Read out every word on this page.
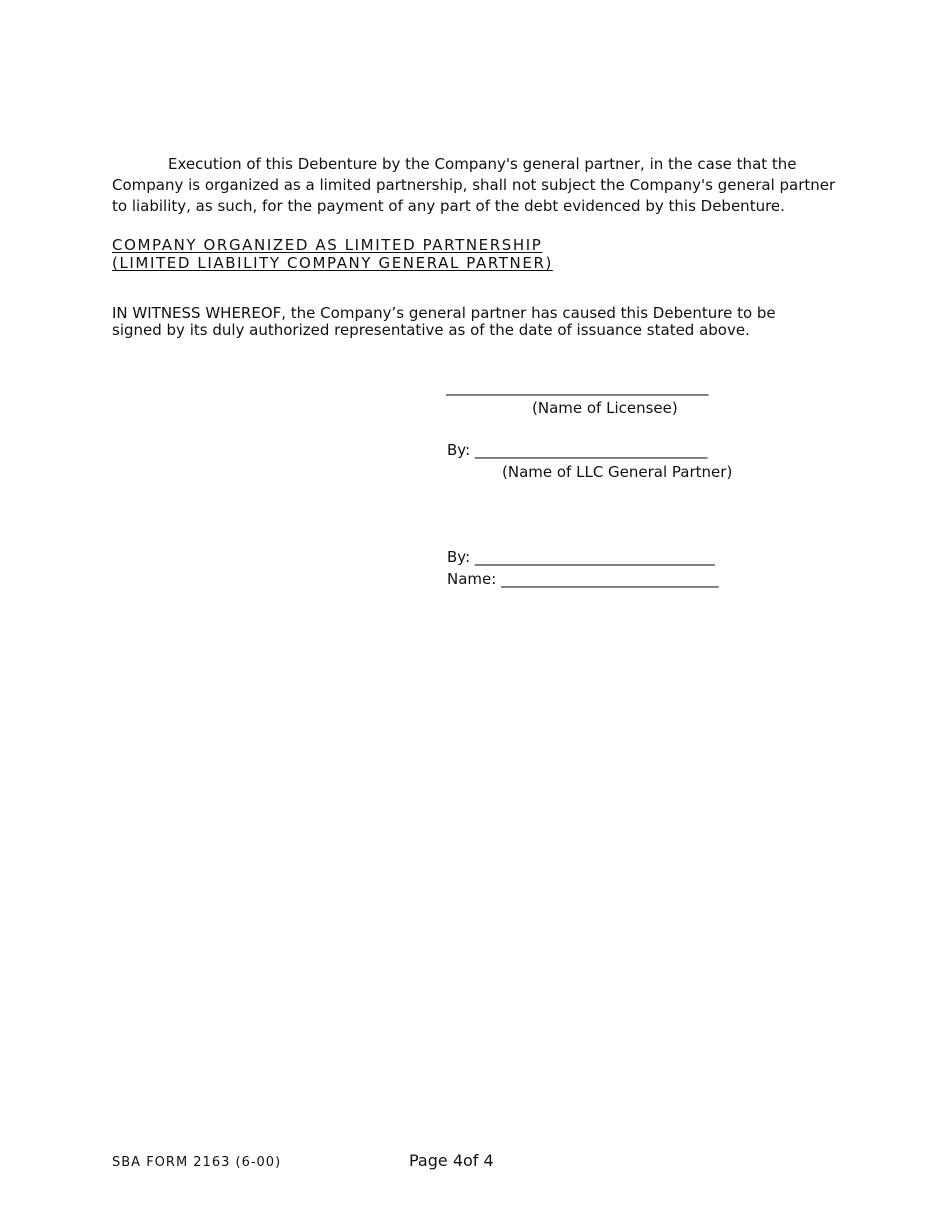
Execution of this Debenture by the Company's general partner, in the case that the
Company is organized as a limited partnership, shall not subject the Company's general partner
to liability, as such, for the payment of any part of the debt evidenced by this Debenture.
COMPANY ORGANIZED AS LIMITED PARTNERSHIP
(LIMITED LIABILITY COMPANY GENERAL PARTNER)
IN WITNESS WHEREOF, the Company’s general partner has caused this Debenture to be
signed by its duly authorized representative as of the date of issuance stated above.
___________________________________
(Name of Licensee)
By: _______________________________
(Name of LLC General Partner)
By: ________________________________
Name: _____________________________
SBA FORM 2163 (6-00)	Page 4of 4
